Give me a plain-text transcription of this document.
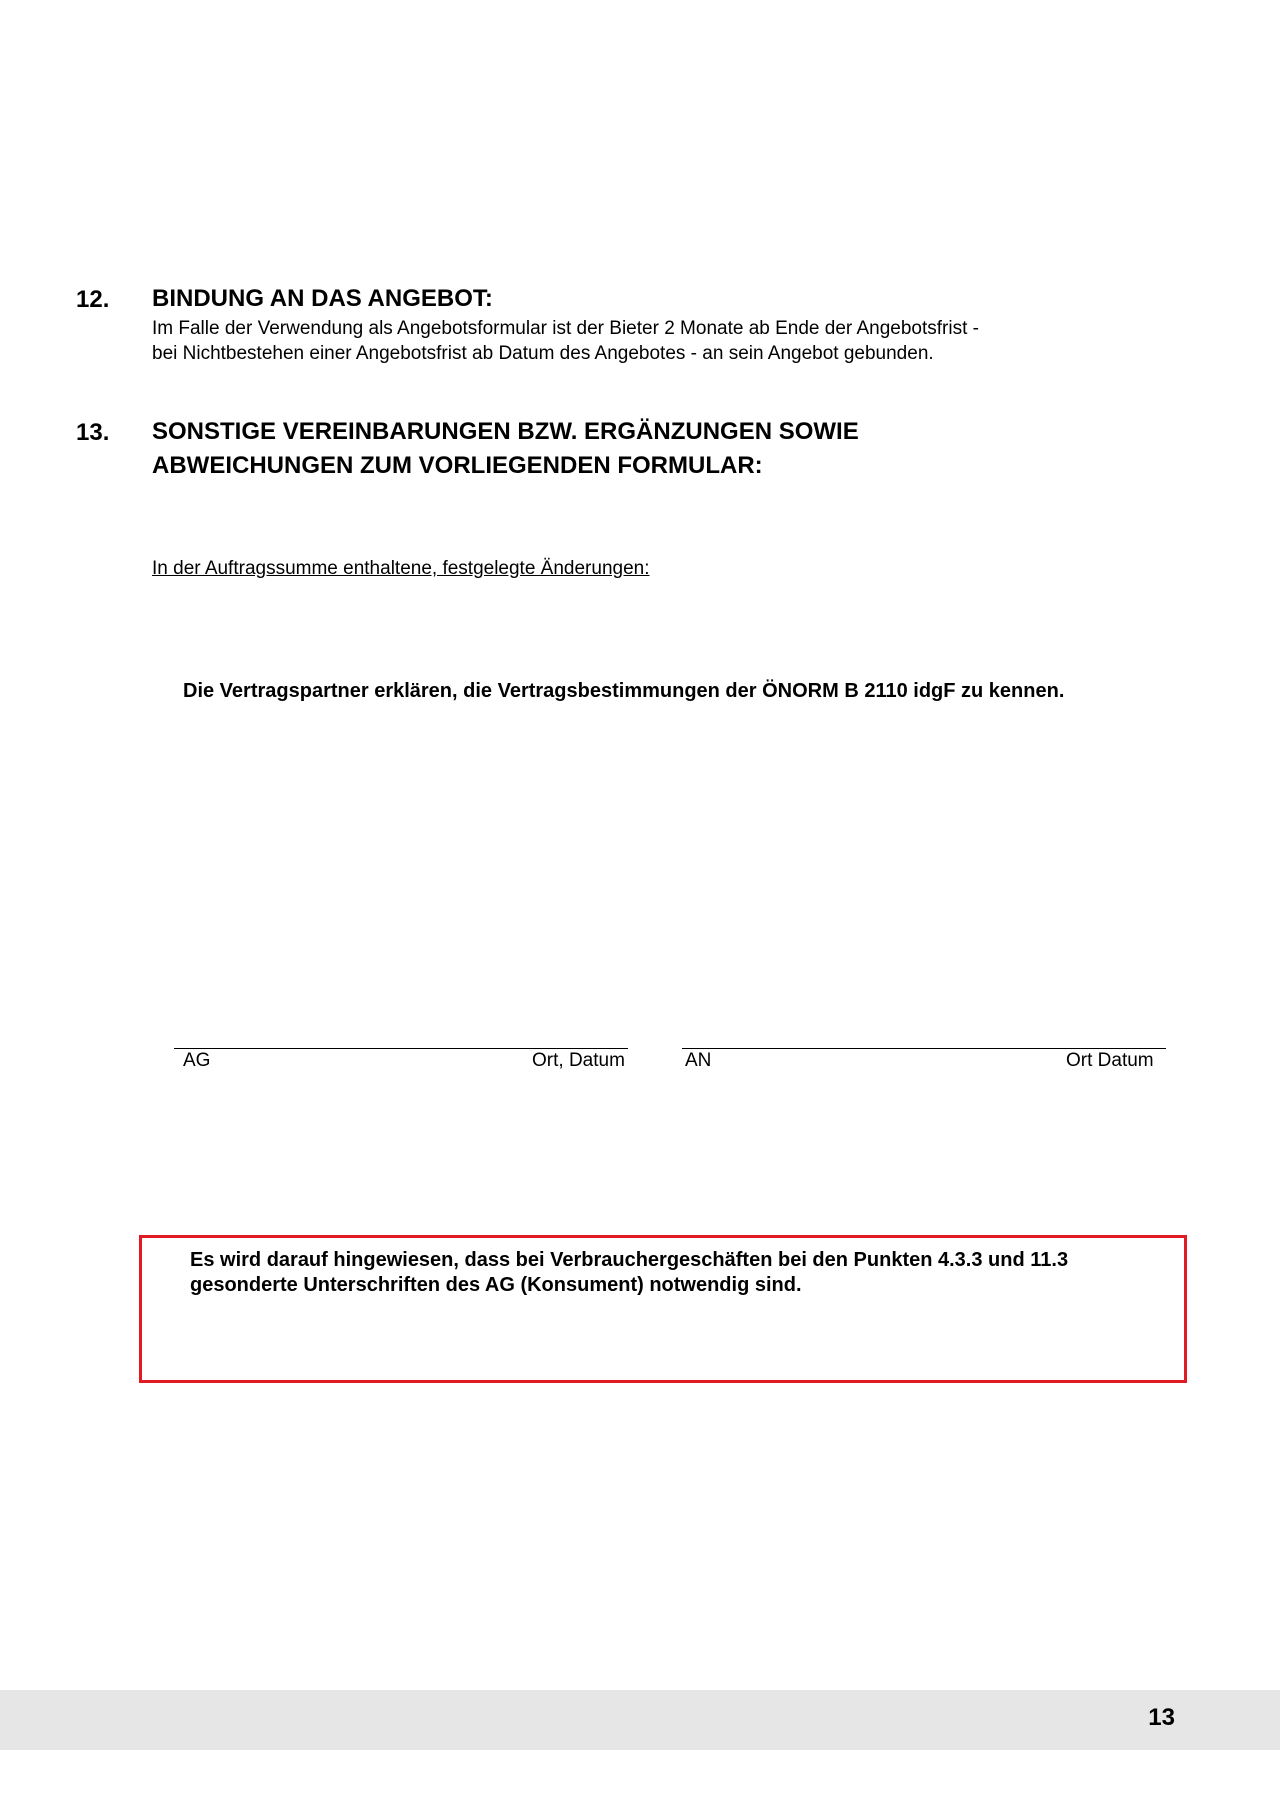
12. BINDUNG AN DAS ANGEBOT:
Im Falle der Verwendung als Angebotsformular ist der Bieter 2 Monate ab Ende der Angebotsfrist -
bei Nichtbestehen einer Angebotsfrist ab Datum des Angebotes - an sein Angebot gebunden.
13. SONSTIGE VEREINBARUNGEN BZW. ERGÄNZUNGEN SOWIE
ABWEICHUNGEN ZUM VORLIEGENDEN FORMULAR:
In der Auftragssumme enthaltene, festgelegte Änderungen:
Die Vertragspartner erklären, die Vertragsbestimmungen der ÖNORM B 2110 idgF zu kennen.
AG	Ort, Datum	AN	Ort Datum
Es wird darauf hingewiesen, dass bei Verbrauchergeschäften bei den Punkten 4.3.3 und 11.3
gesonderte Unterschriften des AG (Konsument) notwendig sind.
13
